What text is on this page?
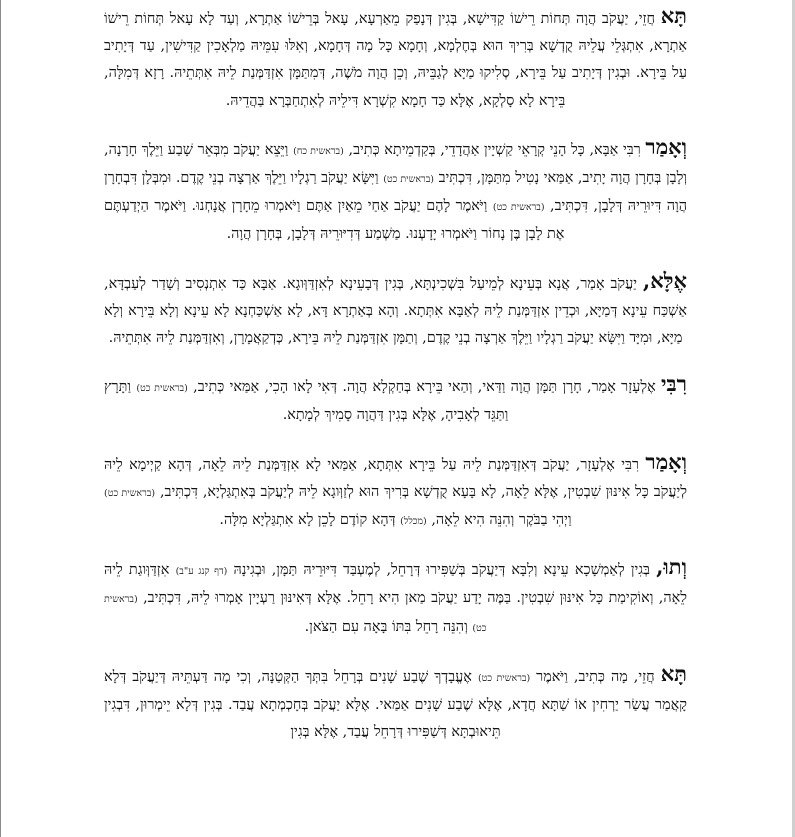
תָּא חֲזֵי, יַעֲקֹב הֲוָה תְּחוֹת רֵישׁוֹ קַדִּישָׁא, בְּגִין דְּנָפַק מֵאַרְעָא, עָאל בְּרֵישׁוֹ אַתְרָא, וְעַד לָא עָאל תְּחוֹת רֵישׁוֹ אַתְרָא, אִתְגְּלֵי עֲלֵיהּ קֻדְשָׁא בְּרִיךְ הוּא בְּחֶלְמָא, וְחָמָא כָּל מָה דְּחָמָא, וְאִלּוּ עִמֵּיהּ מַלְאָכִין קַדִּישִׁין, עַד דְּיָתִיב עַל בֵּירָא. וּבְגִין דְּיָתִיב עַל בֵּירָא, סְלִיקוּ מַיָּא לְגַבֵּיהּ, וְכֵן הֲוָה מֹשֶׁה, דְּמִתַּמָּן אִזְדַּמְּנַת לֵיהּ אִתְּתֵיהּ. רָזָא דְּמִלָּה, בֵּירָא לָא סָלְקָא, אֶלָּא כַּד חָמָא קִשְׁרָא דִּילֵיהּ לְאִתְחַבְּרָא בַּהֲדֵיהּ.

וְאָמַר רִבִּי אַבָּא, כָּל הָנֵי קְרָאֵי קַשְׁיָין אַהֲדָדֵי, בְּקַדְמֵיתָא כְּתִיב, (בראשית כח) וַיֵּצֵא יַעֲקֹב מִבְּאֵר שָׁבַע וַיֵּלֶךְ חָרָנָה, וְלָבָן בְּחָרָן הֲוָה יָתִיב, אַמַּאי נָטִיל מִתַּמָּן, דִּכְתִּיב (בראשית כט) וַיִּשָּׂא יַעֲקֹב רַגְלָיו וַיֵּלֶךְ אַרְצָה בְנֵי קֶדֶם. וּמִבְּלָן דִּבְחָרָן הֲוָה דִּיוּרֵיהּ דְּלָבָן, דִּכְתִּיב, (בראשית כט) וַיֹּאמֶר לָהֶם יַעֲקֹב אַחַי מֵאַיִן אַתֶּם וַיֹּאמְרוּ מֵחָרָן אֲנָחְנוּ. וַיֹּאמֶר הַיְדַעְתֶּם אֶת לָבָן בֶּן נָחוֹר וַיֹּאמְרוּ יָדָעְנוּ. מַשְׁמַע דְּדִיּוּרֵיהּ דְּלָבָן, בְּחָרָן הֲוָה.

אֶלָּא, יַעֲקֹב אָמַר, אֲנָא בְּעֵינָא לְמֵיעַל בִּשְׁכִינְתָּא, בְּגִין דְּבָעֵינָא לְאִזְדַּוְּוגָא. אַבָּא כַּד אִתְנְסִיב וְשָׁדַר לְעַבְדָּא, אַשְׁכַּח עֵינָא דְּמַיָּא, וּכְדֵין אִזְדַּמְּנַת לֵיהּ לְאַבָּא אִתְּתָא. וְהָא בְּאַתְרָא דָּא, לָא אַשְׁכַּחְנָא לָא עֵינָא וְלָא בֵּירָא וְלָא מַיָּא, וּמִיָּד וַיִּשָּׂא יַעֲקֹב רַגְלָיו וַיֵּלֶךְ אַרְצָה בְנֵי קֶדֶם, וְתַמָּן אִזְדַּמְּנַת לֵיהּ בֵּירָא, כְּדְקַאֲמָרָן, וְאִזְדַּמְּנַת לֵיהּ אִתְּתֵיהּ.

רִבִּי אֶלְעָזָר אָמַר, חָרָן תַּמָּן הֲוָה וַדַּאי, וְהַאי בֵּירָא בְּחַקְלָא הֲוָה. דְּאִי לָאו הָכִי, אַמַּאי כְּתִיב, (בראשית כט) וַתָּרָץ וַתַּגֵּד לְאָבִיהָ, אֶלָּא בְּגִין דַּהֲוָה סָמִיךְ לְמָתָא.

וְאָמַר רִבִּי אֶלְעָזָר, יַעֲקֹב דְּאִזְדַּמְּנַת לֵיהּ עַל בֵּירָא אִתְּתָא, אַמַּאי לָא אִזְדַּמְּנַת לֵיהּ לֵאָה, דְּהָא קַיְימָא לֵיהּ לְיַעֲקֹב כָּל אִינּוּן שִׁבְטִין, אֶלָּא לֵאָה, לָא בָּעָא קֻדְשָׁא בְּרִיךְ הוּא לְזַוְּוגָא לֵיהּ לְיַעֲקֹב בְּאִתְגַּלְיָא, דִּכְתִּיב, (בראשית כט) וַיְהִי בַבֹּקֶר וְהִנֵּה הִיא לֵאָה, (מכלל) דְּהָא קוֹדֶם לָכֵן לָא אִתְגַּלְיָא מִלָּה.

וְתוּ, בְּגִין לְאַמְשָׁכָא עֵינָא וְלִבָּא דְּיַעֲקֹב בְּשַׁפִּירוּ דְּרָחֵל, לְמֶעְבַּד דִּיּוּרֵיהּ תַּמָּן, וּבְגִינָהּ (דף קנג ע"ב) אִזְדַּוְּוגַת לֵיהּ לֵאָה, וְאוֹקִימַת כָּל אִינּוּן שִׁבְטִין. בַּמֶּה יָדַע יַעֲקֹב מַאן הִיא רָחֵל. אֶלָּא דְּאִינּוּן רַעְיָין אָמְרוּ לֵיהּ, דִּכְתִּיב, (בראשית כט) וְהִנֵּה רָחֵל בִּתּוֹ בָּאָה עִם הַצֹּאן.

תָּא חֲזֵי, מָה כְּתִיב, וַיֹּאמֶר (בראשית כט) אֶעֱבָדְךָ שֶׁבַע שָׁנִים בְּרָחֵל בִּתְּךָ הַקְּטַנָּה, וְכִי מָה דַּעְתֵּיהּ דְּיַעֲקֹב דְּלָא קָאֲמַר עֲשַׂר יַרְחִין אוֹ שַׁתָּא חֲדָא, אֶלָּא שֶׁבַע שָׁנִים אַמַּאי. אֶלָּא יַעֲקֹב בְּחָכְמְתָא עֲבַד. בְּגִין דְּלָא יֵימְרוּן, דִּבְגִין תֵּיאוּבְתָּא דְּשַׁפִּירוּ דְּרָחֵל עֲבַד, אֶלָּא בְּגִין
